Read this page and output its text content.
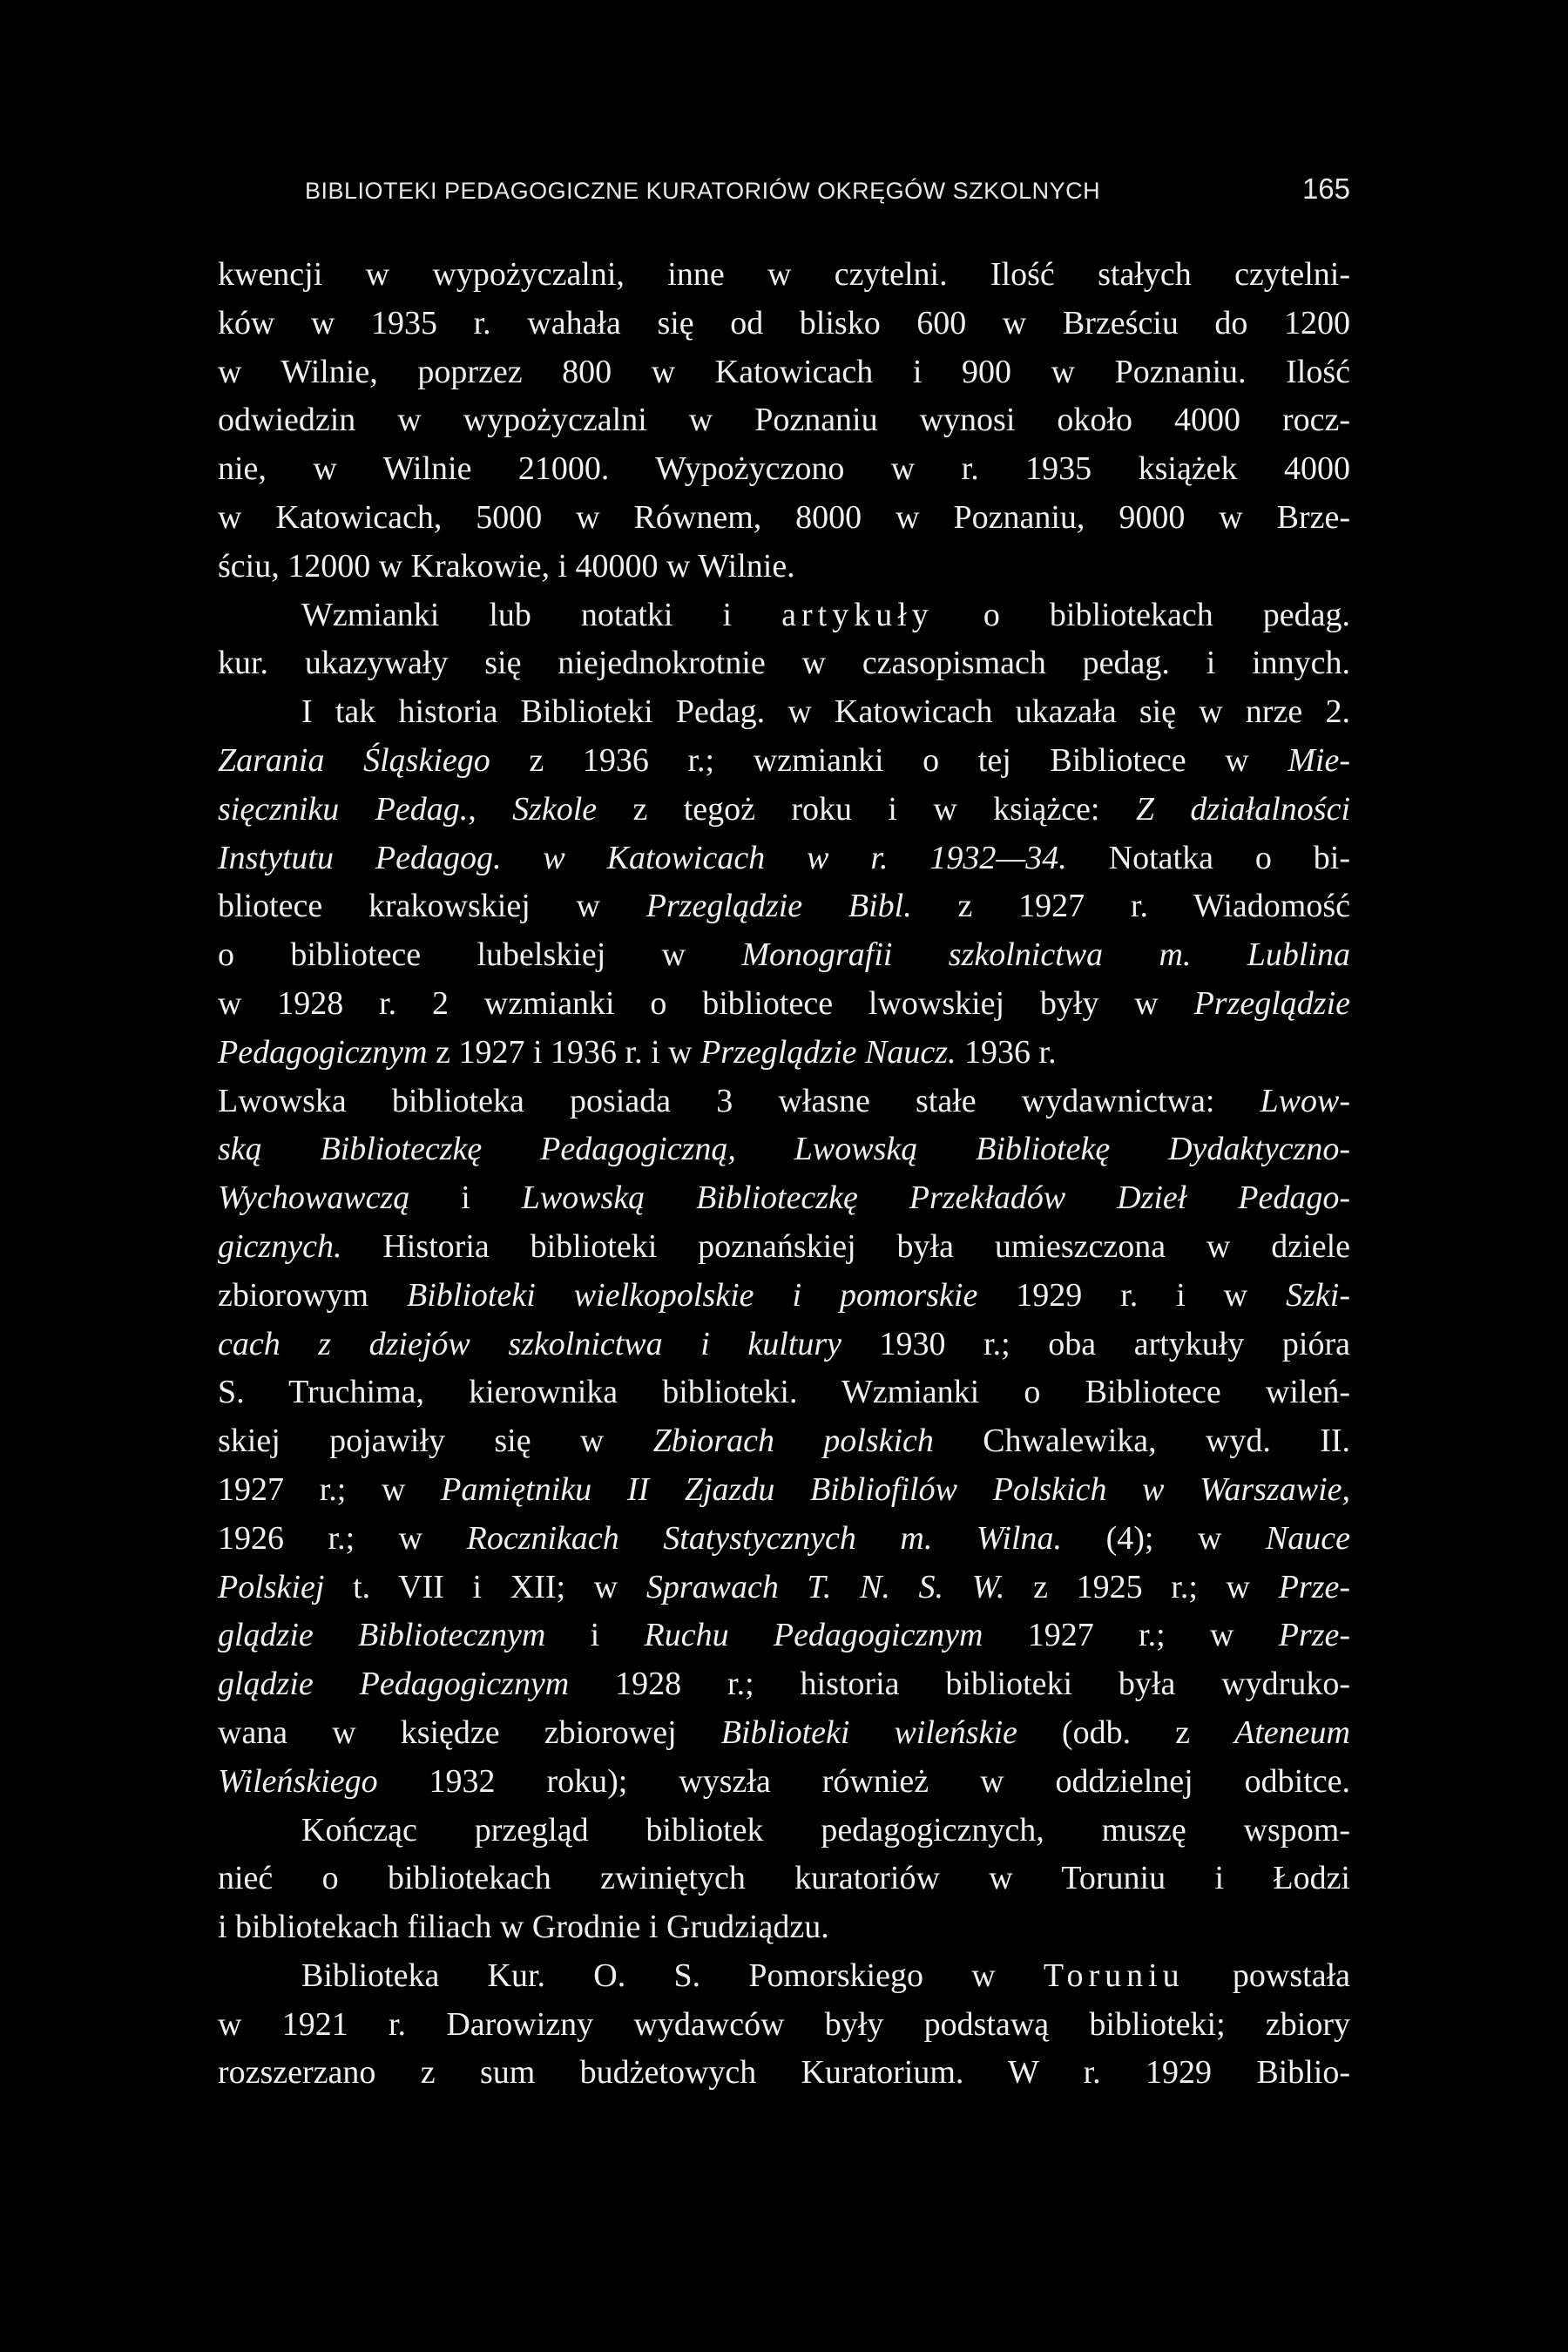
BIBLIOTEKI PEDAGOGICZNE KURATORIÓW OKRĘGÓW SZKOLNYCH	165
kwencji w wypożyczalni, inne w czytelni. Ilość stałych czytelni-
ków w 1935 r. wahała się od blisko 600 w Brześciu do 1200
w Wilnie, poprzez 800 w Katowicach i 900 w Poznaniu. Ilość
odwiedzin w wypożyczalni w Poznaniu wynosi około 4000 rocz-
nie, w Wilnie 21000. Wypożyczono w r. 1935 książek 4000
w Katowicach, 5000 w Równem, 8000 w Poznaniu, 9000 w Brze-
ściu, 12000 w Krakowie, i 40000 w Wilnie.
Wzmianki lub notatki i artykuły o bibliotekach pedag.
kur. ukazywały się niejednokrotnie w czasopismach pedag. i innych.
I tak historia Biblioteki Pedag. w Katowicach ukazała się w nrze 2.
Zarania Śląskiego z 1936 r.; wzmianki o tej Bibliotece w Mie-
sięczniku Pedag., Szkole z tegoż roku i w książce: Z działalności
Instytutu Pedagog. w Katowicach w r. 1932—34. Notatka o bi-
bliotece krakowskiej w Przeglądzie Bibl. z 1927 r. Wiadomość
o bibliotece lubelskiej w Monografii szkolnictwa m. Lublina
w 1928 r. 2 wzmianki o bibliotece lwowskiej były w Przeglądzie
Pedagogicznym z 1927 i 1936 r. i w Przeglądzie Naucz. 1936 r.
Lwowska biblioteka posiada 3 własne stałe wydawnictwa: Lwow-
ską Biblioteczkę Pedagogiczną, Lwowską Bibliotekę Dydaktyczno-
Wychowawczą i Lwowską Biblioteczkę Przekładów Dzieł Pedago-
gicznych. Historia biblioteki poznańskiej była umieszczona w dziele
zbiorowym Biblioteki wielkopolskie i pomorskie 1929 r. i w Szki-
cach z dziejów szkolnictwa i kultury 1930 r.; oba artykuły pióra
S. Truchima, kierownika biblioteki. Wzmianki o Bibliotece wileń-
skiej pojawiły się w Zbiorach polskich Chwalewika, wyd. II.
1927 r.; w Pamiętniku II Zjazdu Bibliofilów Polskich w Warszawie,
1926 r.; w Rocznikach Statystycznych m. Wilna. (4); w Nauce
Polskiej t. VII i XII; w Sprawach T. N. S. W. z 1925 r.; w Prze-
glądzie Bibliotecznym i Ruchu Pedagogicznym 1927 r.; w Prze-
glądzie Pedagogicznym 1928 r.; historia biblioteki była wydruko-
wana w księdze zbiorowej Biblioteki wileńskie (odb. z Ateneum
Wileńskiego 1932 roku); wyszła również w oddzielnej odbitce.
Kończąc przegląd bibliotek pedagogicznych, muszę wspom-
nieć o bibliotekach zwiniętych kuratoriów w Toruniu i Łodzi
i bibliotekach filiach w Grodnie i Grudziądzu.
Biblioteka Kur. O. S. Pomorskiego w Toruniu powstała
w 1921 r. Darowizny wydawców były podstawą biblioteki; zbiory
rozszerzano z sum budżetowych Kuratorium. W r. 1929 Biblio-
